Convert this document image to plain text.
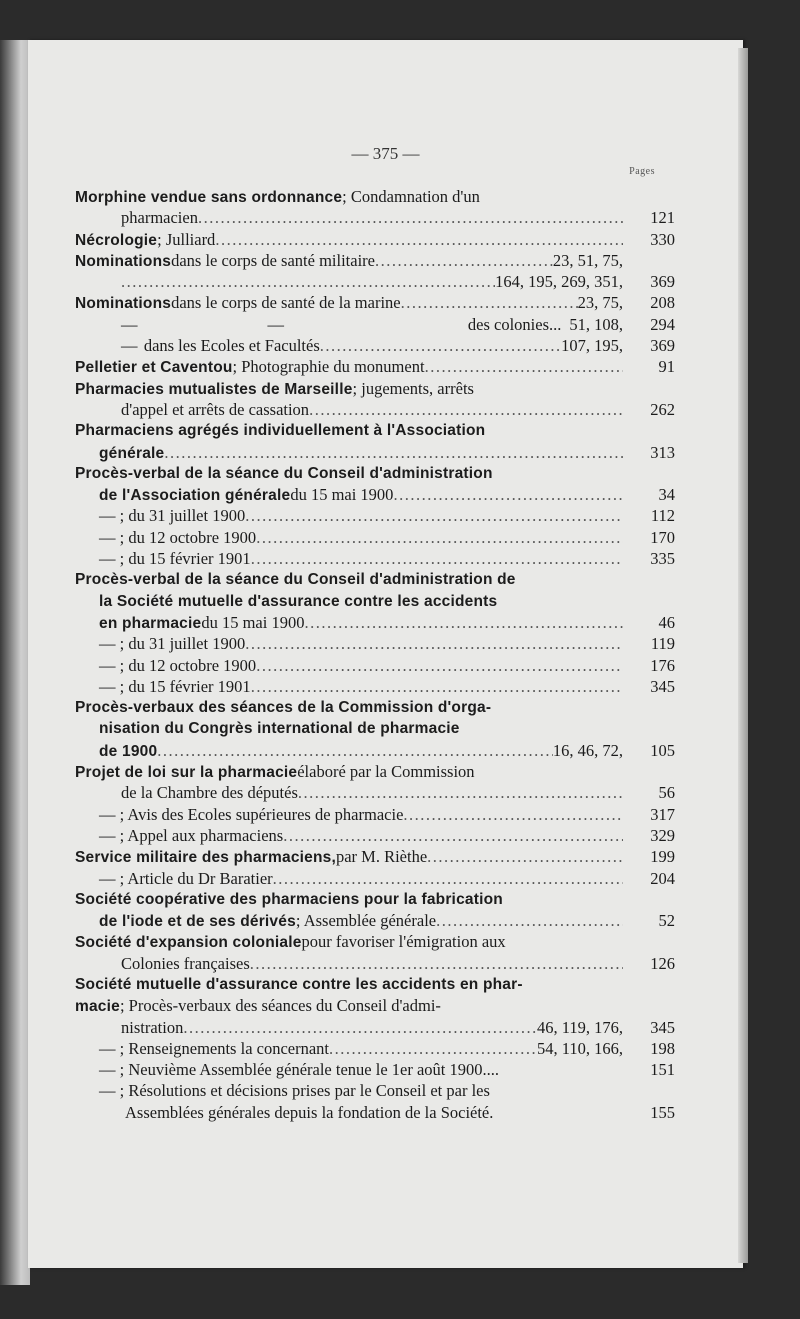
— 375 —
Pages
Morphine vendue sans ordonnance ; Condamnation d'un
pharmacien .....	121
Nécrologie ; Julliard .....	330
Nominations dans le corps de santé militaire .....	23, 51, 75,
.....
164, 195, 269, 351,	369
Nominations dans le corps de santé de la marine .....	23, 75,	208
—	—	des colonies... 51, 108,	294
— dans les Ecoles et Facultés .....	107, 195,	369
Pelletier et Caventou ; Photographie du monument .....	91
Pharmacies mutualistes de Marseille ; jugements, arrêts
d'appel et arrêts de cassation .....	262
Pharmaciens agrégés individuellement à l'Association
générale .....	313
Procès-verbal de la séance du Conseil d'administration
de l'Association générale du 15 mai 1900 .....	34
— ; du 31 juillet 1900 .....	112
— ; du 12 octobre 1900 .....	170
— ; du 15 février 1901 .....	335
Procès-verbal de la séance du Conseil d'administration de
la Société mutuelle d'assurance contre les accidents
en pharmacie du 15 mai 1900 .....	46
— ; du 31 juillet 1900 .....	119
— ; du 12 octobre 1900 .....	176
— ; du 15 février 1901 .....	345
Procès-verbaux des séances de la Commission d'orga-
nisation du Congrès international de pharmacie
de 1900 .....	16, 46, 72,	105
Projet de loi sur la pharmacie élaboré par la Commission
de la Chambre des députés .....	56
— ; Avis des Ecoles supérieures de pharmacie .....	317
— ; Appel aux pharmaciens .....	329
Service militaire des pharmaciens, par M. Rièthe .....	199
— ; Article du Dr Baratier .....	204
Société coopérative des pharmaciens pour la fabrication
de l'iode et de ses dérivés ; Assemblée générale .....	52
Société d'expansion coloniale pour favoriser l'émigration aux
Colonies françaises .....	126
Société mutuelle d'assurance contre les accidents en phar-
macie ; Procès-verbaux des séances du Conseil d'admi-
nistration .....	46, 119, 176,	345
— ; Renseignements la concernant .....	54, 110, 166,	198
— ; Neuvième Assemblée générale tenue le 1er août 1900....	151
— ; Résolutions et décisions prises par le Conseil et par les
Assemblées générales depuis la fondation de la Société.	155
